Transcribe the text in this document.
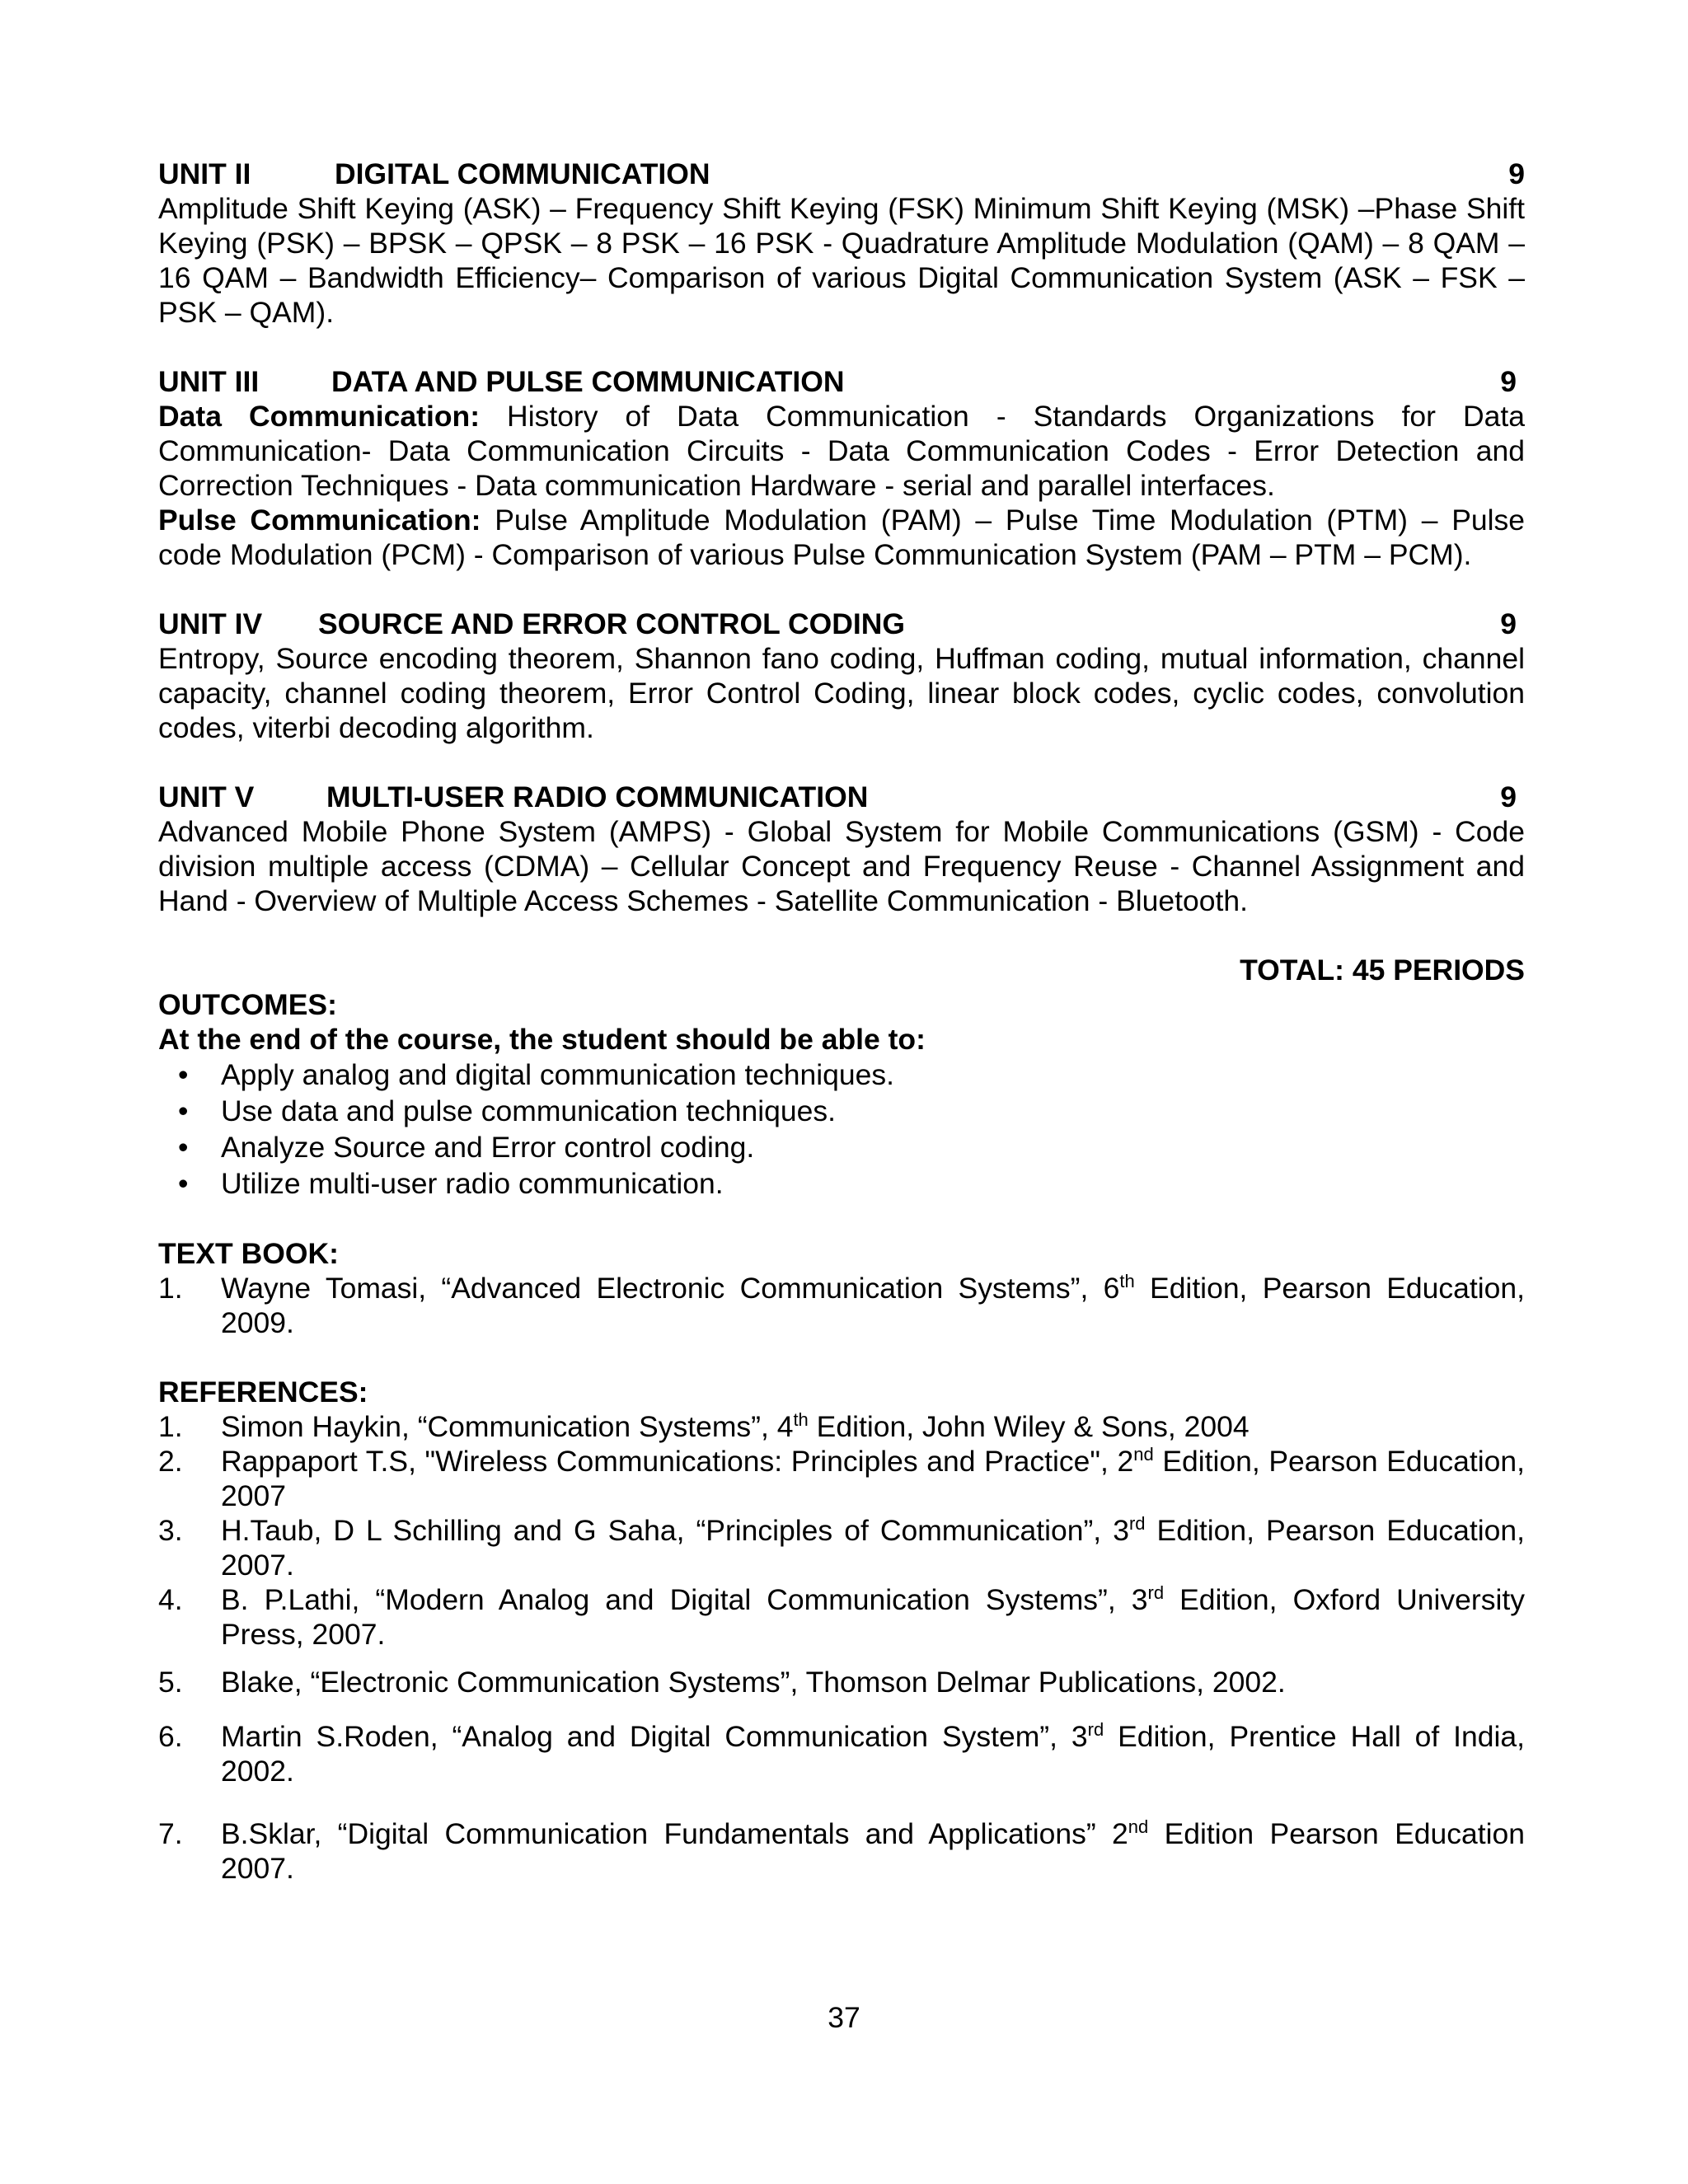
UNIT II	DIGITAL COMMUNICATION	9

Amplitude Shift Keying (ASK) – Frequency Shift Keying (FSK) Minimum Shift Keying (MSK) –Phase Shift Keying (PSK) – BPSK – QPSK – 8 PSK – 16 PSK - Quadrature Amplitude Modulation (QAM) – 8 QAM – 16 QAM – Bandwidth Efficiency– Comparison of various Digital Communication System (ASK – FSK – PSK – QAM).

UNIT III	DATA AND PULSE COMMUNICATION	9

Data Communication: History of Data Communication - Standards Organizations for Data Communication- Data Communication Circuits - Data Communication Codes - Error Detection and Correction Techniques - Data communication Hardware - serial and parallel interfaces.

Pulse Communication: Pulse Amplitude Modulation (PAM) – Pulse Time Modulation (PTM) – Pulse code Modulation (PCM) - Comparison of various Pulse Communication System (PAM – PTM – PCM).

UNIT IV	SOURCE AND ERROR CONTROL CODING	9

Entropy, Source encoding theorem, Shannon fano coding, Huffman coding, mutual information, channel capacity, channel coding theorem, Error Control Coding, linear block codes, cyclic codes, convolution codes, viterbi decoding algorithm.

UNIT V	MULTI-USER RADIO COMMUNICATION	9

Advanced Mobile Phone System (AMPS) - Global System for Mobile Communications (GSM) - Code division multiple access (CDMA) – Cellular Concept and Frequency Reuse - Channel Assignment and Hand - Overview of Multiple Access Schemes - Satellite Communication - Bluetooth.

TOTAL: 45 PERIODS

OUTCOMES:

At the end of the course, the student should be able to:

• Apply analog and digital communication techniques.
• Use data and pulse communication techniques.
• Analyze Source and Error control coding.
• Utilize multi-user radio communication.

TEXT BOOK:

1. Wayne Tomasi, “Advanced Electronic Communication Systems”, 6th Edition, Pearson Education, 2009.

REFERENCES:

1. Simon Haykin, “Communication Systems”, 4th Edition, John Wiley & Sons, 2004
2. Rappaport T.S, "Wireless Communications: Principles and Practice", 2nd Edition, Pearson Education, 2007
3. H.Taub, D L Schilling and G Saha, “Principles of Communication”, 3rd Edition, Pearson Education, 2007.
4. B. P.Lathi, “Modern Analog and Digital Communication Systems”, 3rd Edition, Oxford University Press, 2007.
5. Blake, “Electronic Communication Systems”, Thomson Delmar Publications, 2002.
6. Martin S.Roden, “Analog and Digital Communication System”, 3rd Edition, Prentice Hall of India, 2002.
7. B.Sklar, “Digital Communication Fundamentals and Applications” 2nd Edition Pearson Education 2007.
37
